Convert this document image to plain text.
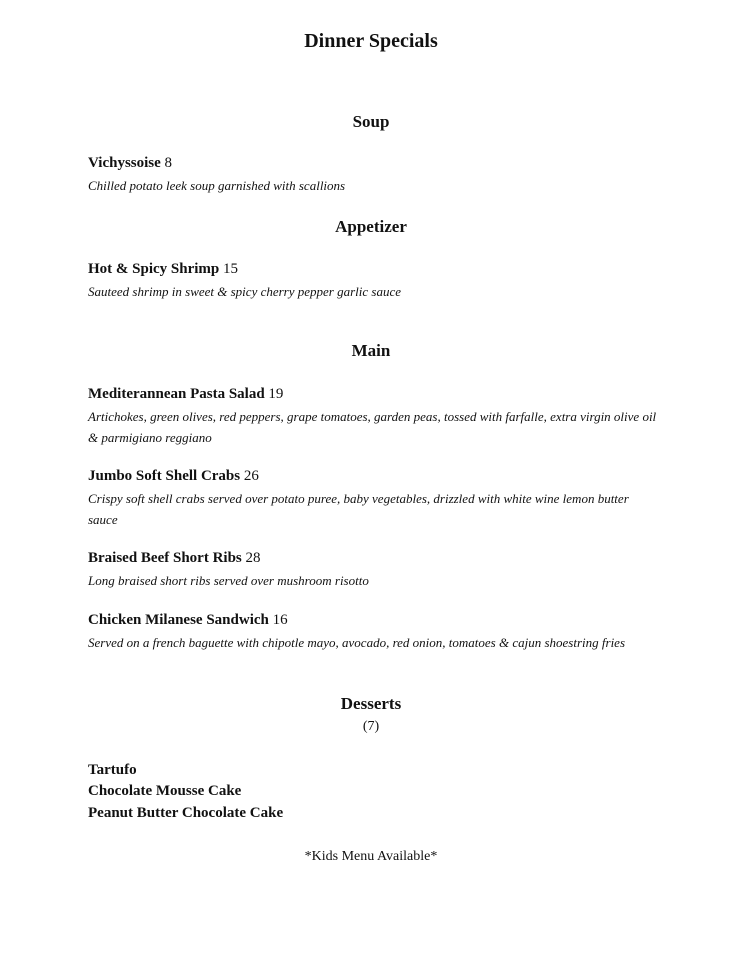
Dinner Specials
Soup
Vichyssoise 8
Chilled potato leek soup garnished with scallions
Appetizer
Hot & Spicy Shrimp 15
Sauteed shrimp in sweet & spicy cherry pepper garlic sauce
Main
Mediterannean Pasta Salad 19
Artichokes, green olives, red peppers, grape tomatoes, garden peas, tossed with farfalle, extra virgin olive oil & parmigiano reggiano
Jumbo Soft Shell Crabs 26
Crispy soft shell crabs served over potato puree, baby vegetables, drizzled with white wine lemon butter sauce
Braised Beef Short Ribs 28
Long braised short ribs served over mushroom risotto
Chicken Milanese Sandwich 16
Served on a french baguette with chipotle mayo, avocado, red onion, tomatoes & cajun shoestring fries
Desserts
(7)
Tartufo
Chocolate Mousse Cake
Peanut Butter Chocolate Cake
*Kids Menu Available*
